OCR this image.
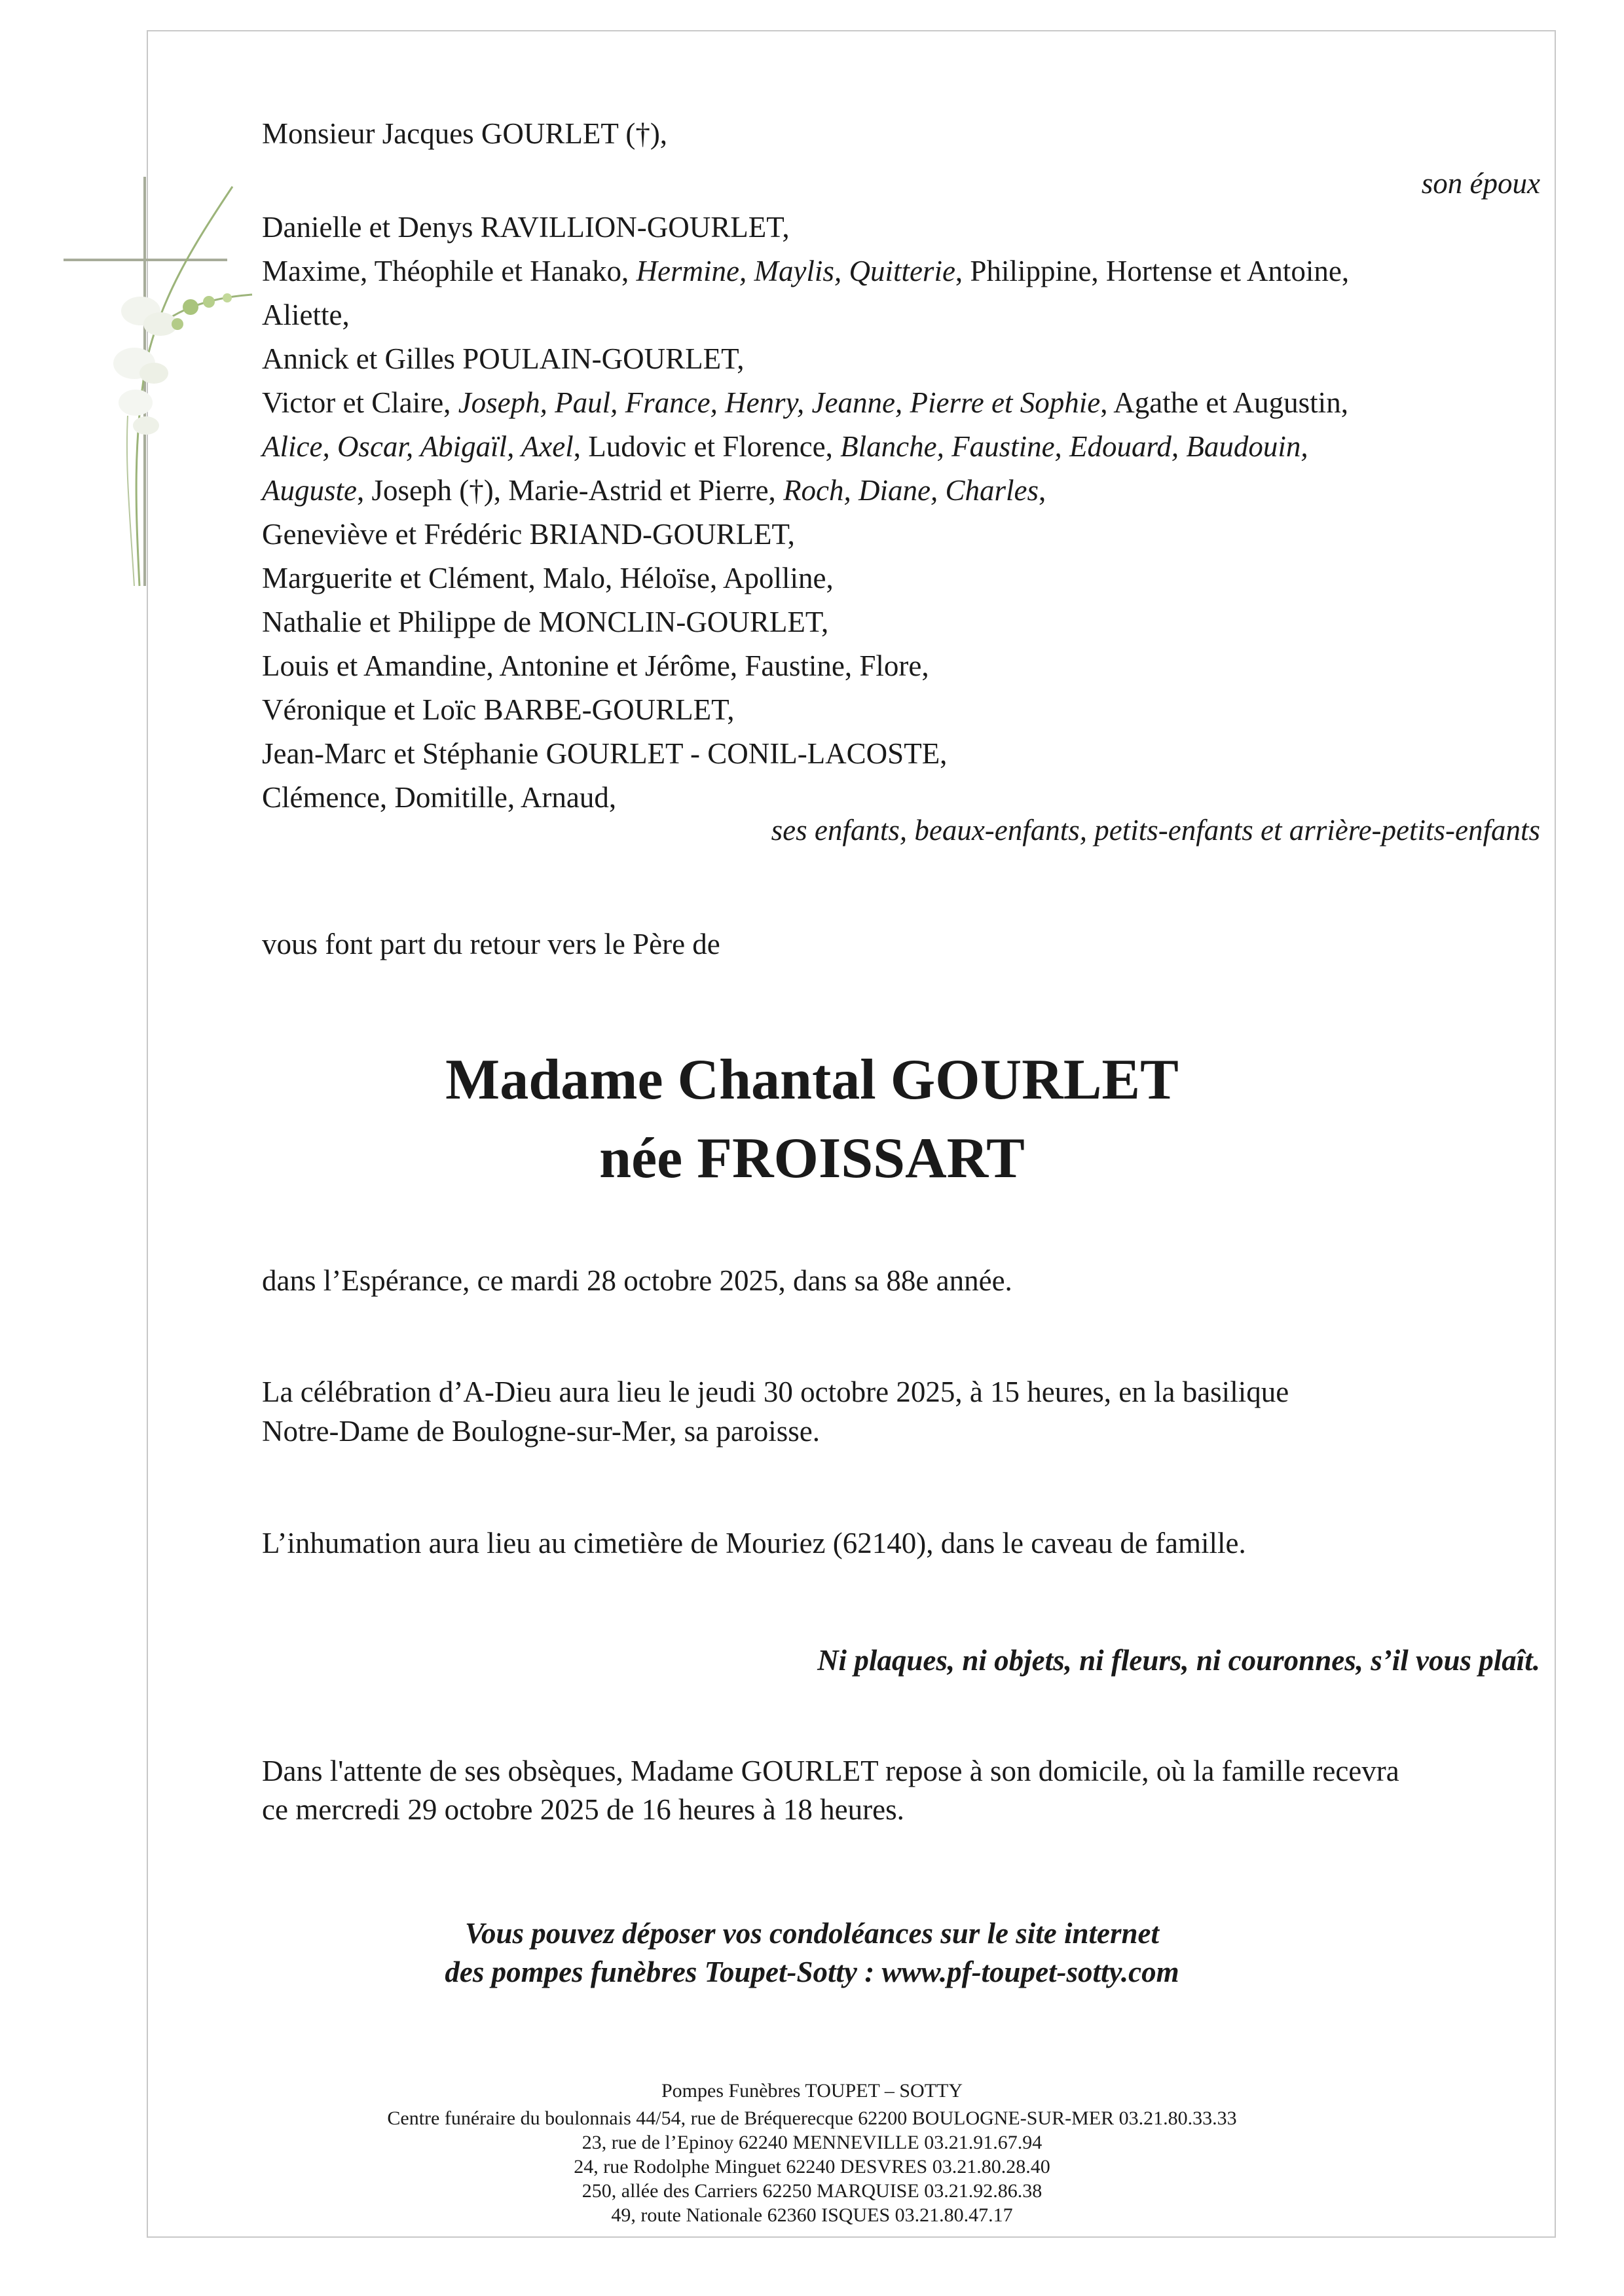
Monsieur Jacques GOURLET (†),
son époux
Danielle et Denys RAVILLION-GOURLET,
Maxime, Théophile et Hanako, Hermine, Maylis, Quitterie, Philippine, Hortense et Antoine,
Aliette,
Annick et Gilles POULAIN-GOURLET,
Victor et Claire, Joseph, Paul, France, Henry, Jeanne, Pierre et Sophie, Agathe et Augustin,
Alice, Oscar, Abigaïl, Axel, Ludovic et Florence, Blanche, Faustine, Edouard, Baudouin,
Auguste, Joseph (†), Marie-Astrid et Pierre, Roch, Diane, Charles,
Geneviève et Frédéric BRIAND-GOURLET,
Marguerite et Clément, Malo, Héloïse, Apolline,
Nathalie et Philippe de MONCLIN-GOURLET,
Louis et Amandine, Antonine et Jérôme, Faustine, Flore,
Véronique et Loïc BARBE-GOURLET,
Jean-Marc et Stéphanie GOURLET - CONIL-LACOSTE,
Clémence, Domitille, Arnaud,
ses enfants, beaux-enfants, petits-enfants et arrière-petits-enfants
vous font part du retour vers le Père de
Madame Chantal GOURLET
née FROISSART
dans l’Espérance, ce mardi 28 octobre 2025, dans sa 88e année.
La célébration d’A-Dieu aura lieu le jeudi 30 octobre 2025, à 15 heures, en la basilique
Notre-Dame de Boulogne-sur-Mer, sa paroisse.
L’inhumation aura lieu au cimetière de Mouriez (62140), dans le caveau de famille.
Ni plaques, ni objets, ni fleurs, ni couronnes, s’il vous plaît.
Dans l'attente de ses obsèques, Madame GOURLET repose à son domicile, où la famille recevra
ce mercredi 29 octobre 2025 de 16 heures à 18 heures.
Vous pouvez déposer vos condoléances sur le site internet
des pompes funèbres Toupet-Sotty : www.pf-toupet-sotty.com
Pompes Funèbres TOUPET – SOTTY
Centre funéraire du boulonnais 44/54, rue de Bréquerecque 62200 BOULOGNE-SUR-MER 03.21.80.33.33
23, rue de l’Epinoy 62240 MENNEVILLE 03.21.91.67.94
24, rue Rodolphe Minguet 62240 DESVRES 03.21.80.28.40
250, allée des Carriers 62250 MARQUISE 03.21.92.86.38
49, route Nationale 62360 ISQUES 03.21.80.47.17
